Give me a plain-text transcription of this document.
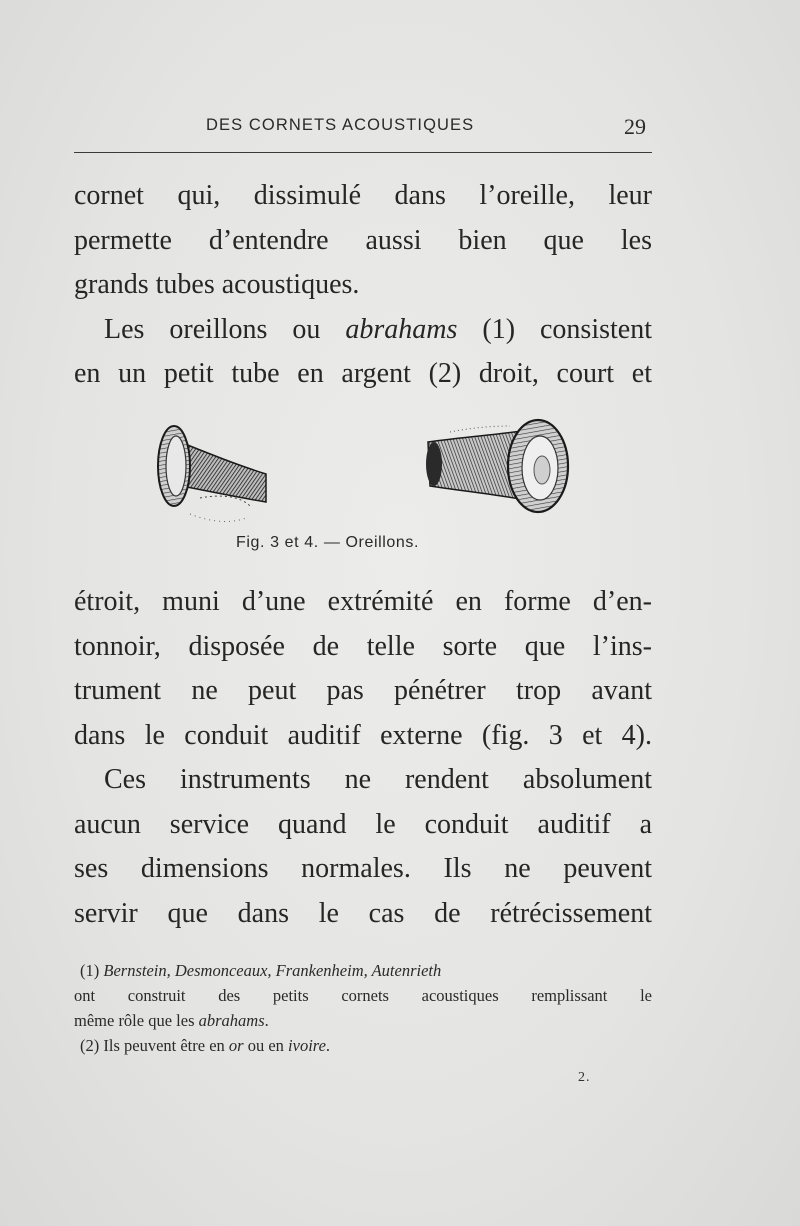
DES CORNETS ACOUSTIQUES	29
cornet qui, dissimulé dans l’oreille, leur
permette d’entendre aussi bien que les
grands tubes acoustiques.
Les oreillons ou abrahams (1) consistent
en un petit tube en argent (2) droit, court et
Fig. 3 et 4. — Oreillons.
étroit, muni d’une extrémité en forme d’en-
tonnoir, disposée de telle sorte que l’ins-
trument ne peut pas pénétrer trop avant
dans le conduit auditif externe (fig. 3 et 4).
Ces instruments ne rendent absolument
aucun service quand le conduit auditif a
ses dimensions normales. Ils ne peuvent
servir que dans le cas de rétrécissement
(1) Bernstein, Desmonceaux, Frankenheim, Autenrieth
ont construit des petits cornets acoustiques remplissant le
même rôle que les abrahams.
(2) Ils peuvent être en or ou en ivoire.
2.
